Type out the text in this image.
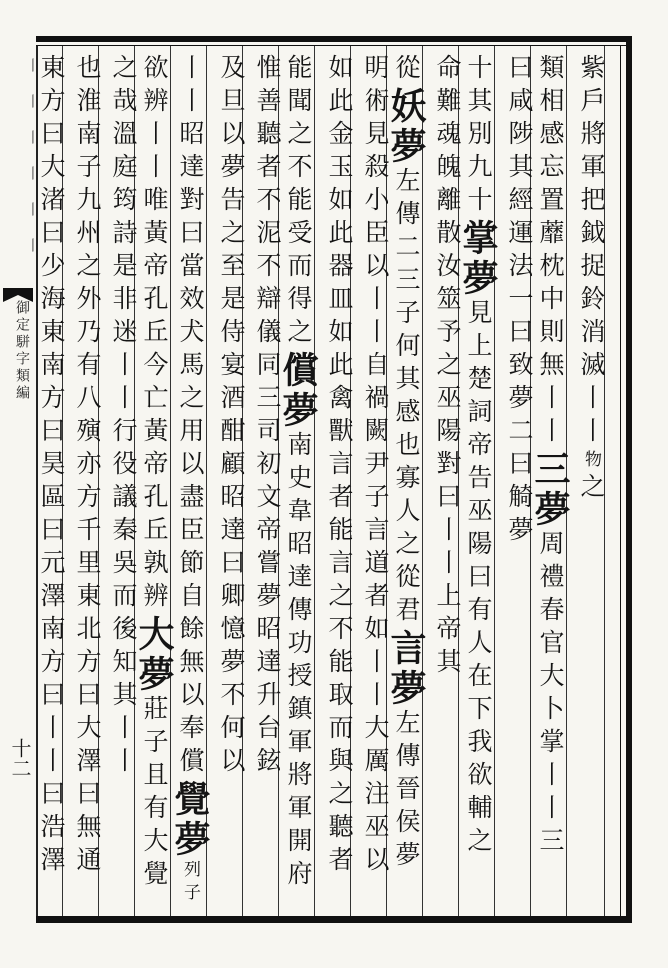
丨丨丨丨丨丨
御定駢字類編
十二
紫戶將軍把鉞捉鈴消滅丨丨物之
類相感忘置蘼枕中則無丨丨三夢周禮春官大卜掌丨丨三
曰咸陟其經運法一曰致夢二曰觭夢
十其別九十掌夢見上楚詞帝告巫陽曰有人在下我欲輔之
命難魂魄離散汝筮予之巫陽對曰丨丨上帝其
從妖夢左傳二三子何其感也寡人之從君言夢左傳晉侯夢
明術見殺小臣以丨丨自禍闕尹子言道者如丨丨大厲注巫以
如此金玉如此器皿如此禽獸言者能言之不能取而與之聽者
能聞之不能受而得之償夢南史韋昭達傳功授鎮軍將軍開府
惟善聽者不泥不辯儀同三司初文帝嘗夢昭達升台鉉
及旦以夢告之至是侍宴酒酣顧昭達曰卿憶夢不何以
丨丨昭達對曰當效犬馬之用以盡臣節自餘無以奉償覺夢列子
欲辨丨丨唯黃帝孔丘今亡黃帝孔丘孰辨大夢莊子且有大覺
之哉溫庭筠詩是非迷丨丨行役議秦吳而後知其丨丨
也淮南子九州之外乃有八殥亦方千里東北方曰大澤曰無通
東方曰大渚曰少海東南方曰昊區曰元澤南方曰丨丨曰浩澤
